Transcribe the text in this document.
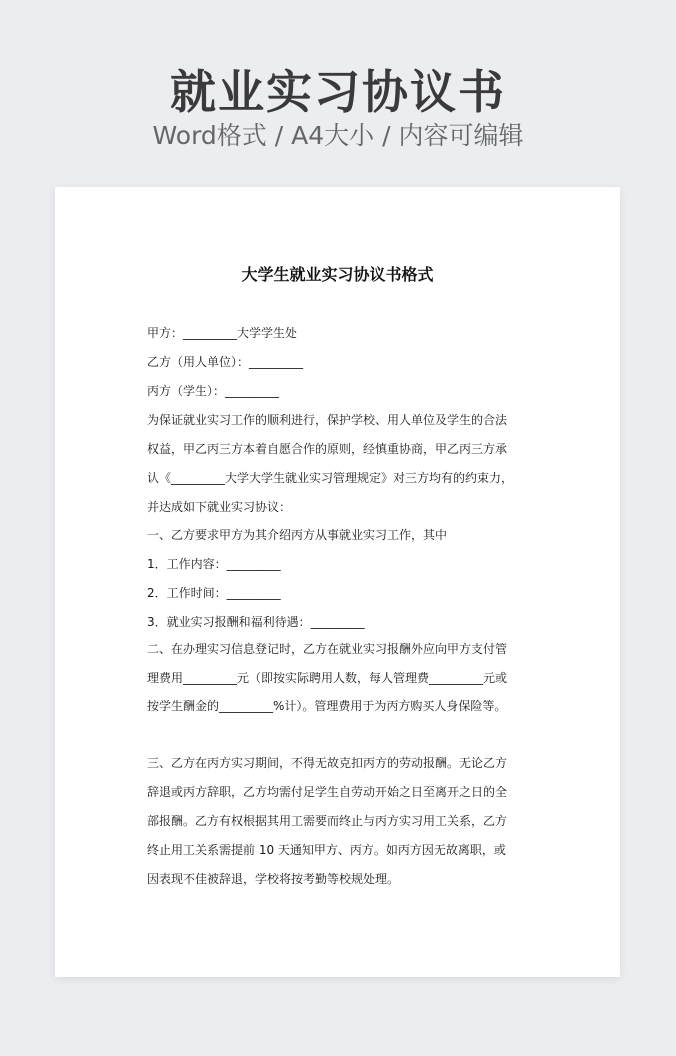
就业实习协议书
Word格式 / A4大小 / 内容可编辑
大学生就业实习协议书格式
甲方：_________大学学生处
乙方（用人单位）：_________
丙方（学生）：_________
为保证就业实习工作的顺利进行，保护学校、用人单位及学生的合法
权益，甲乙丙三方本着自愿合作的原则，经慎重协商，甲乙丙三方承
认《_________大学大学生就业实习管理规定》对三方均有的约束力，
并达成如下就业实习协议：
一、乙方要求甲方为其介绍丙方从事就业实习工作，其中
1．工作内容：_________
2．工作时间：_________
3．就业实习报酬和福利待遇：_________
二、在办理实习信息登记时，乙方在就业实习报酬外应向甲方支付管
理费用_________元（即按实际聘用人数，每人管理费_________元或
按学生酬金的_________%计）。管理费用于为丙方购买人身保险等。
三、乙方在丙方实习期间，不得无故克扣丙方的劳动报酬。无论乙方
辞退或丙方辞职，乙方均需付足学生自劳动开始之日至离开之日的全
部报酬。乙方有权根据其用工需要而终止与丙方实习用工关系，乙方
终止用工关系需提前 10 天通知甲方、丙方。如丙方因无故离职，或
因表现不佳被辞退，学校将按考勤等校规处理。
